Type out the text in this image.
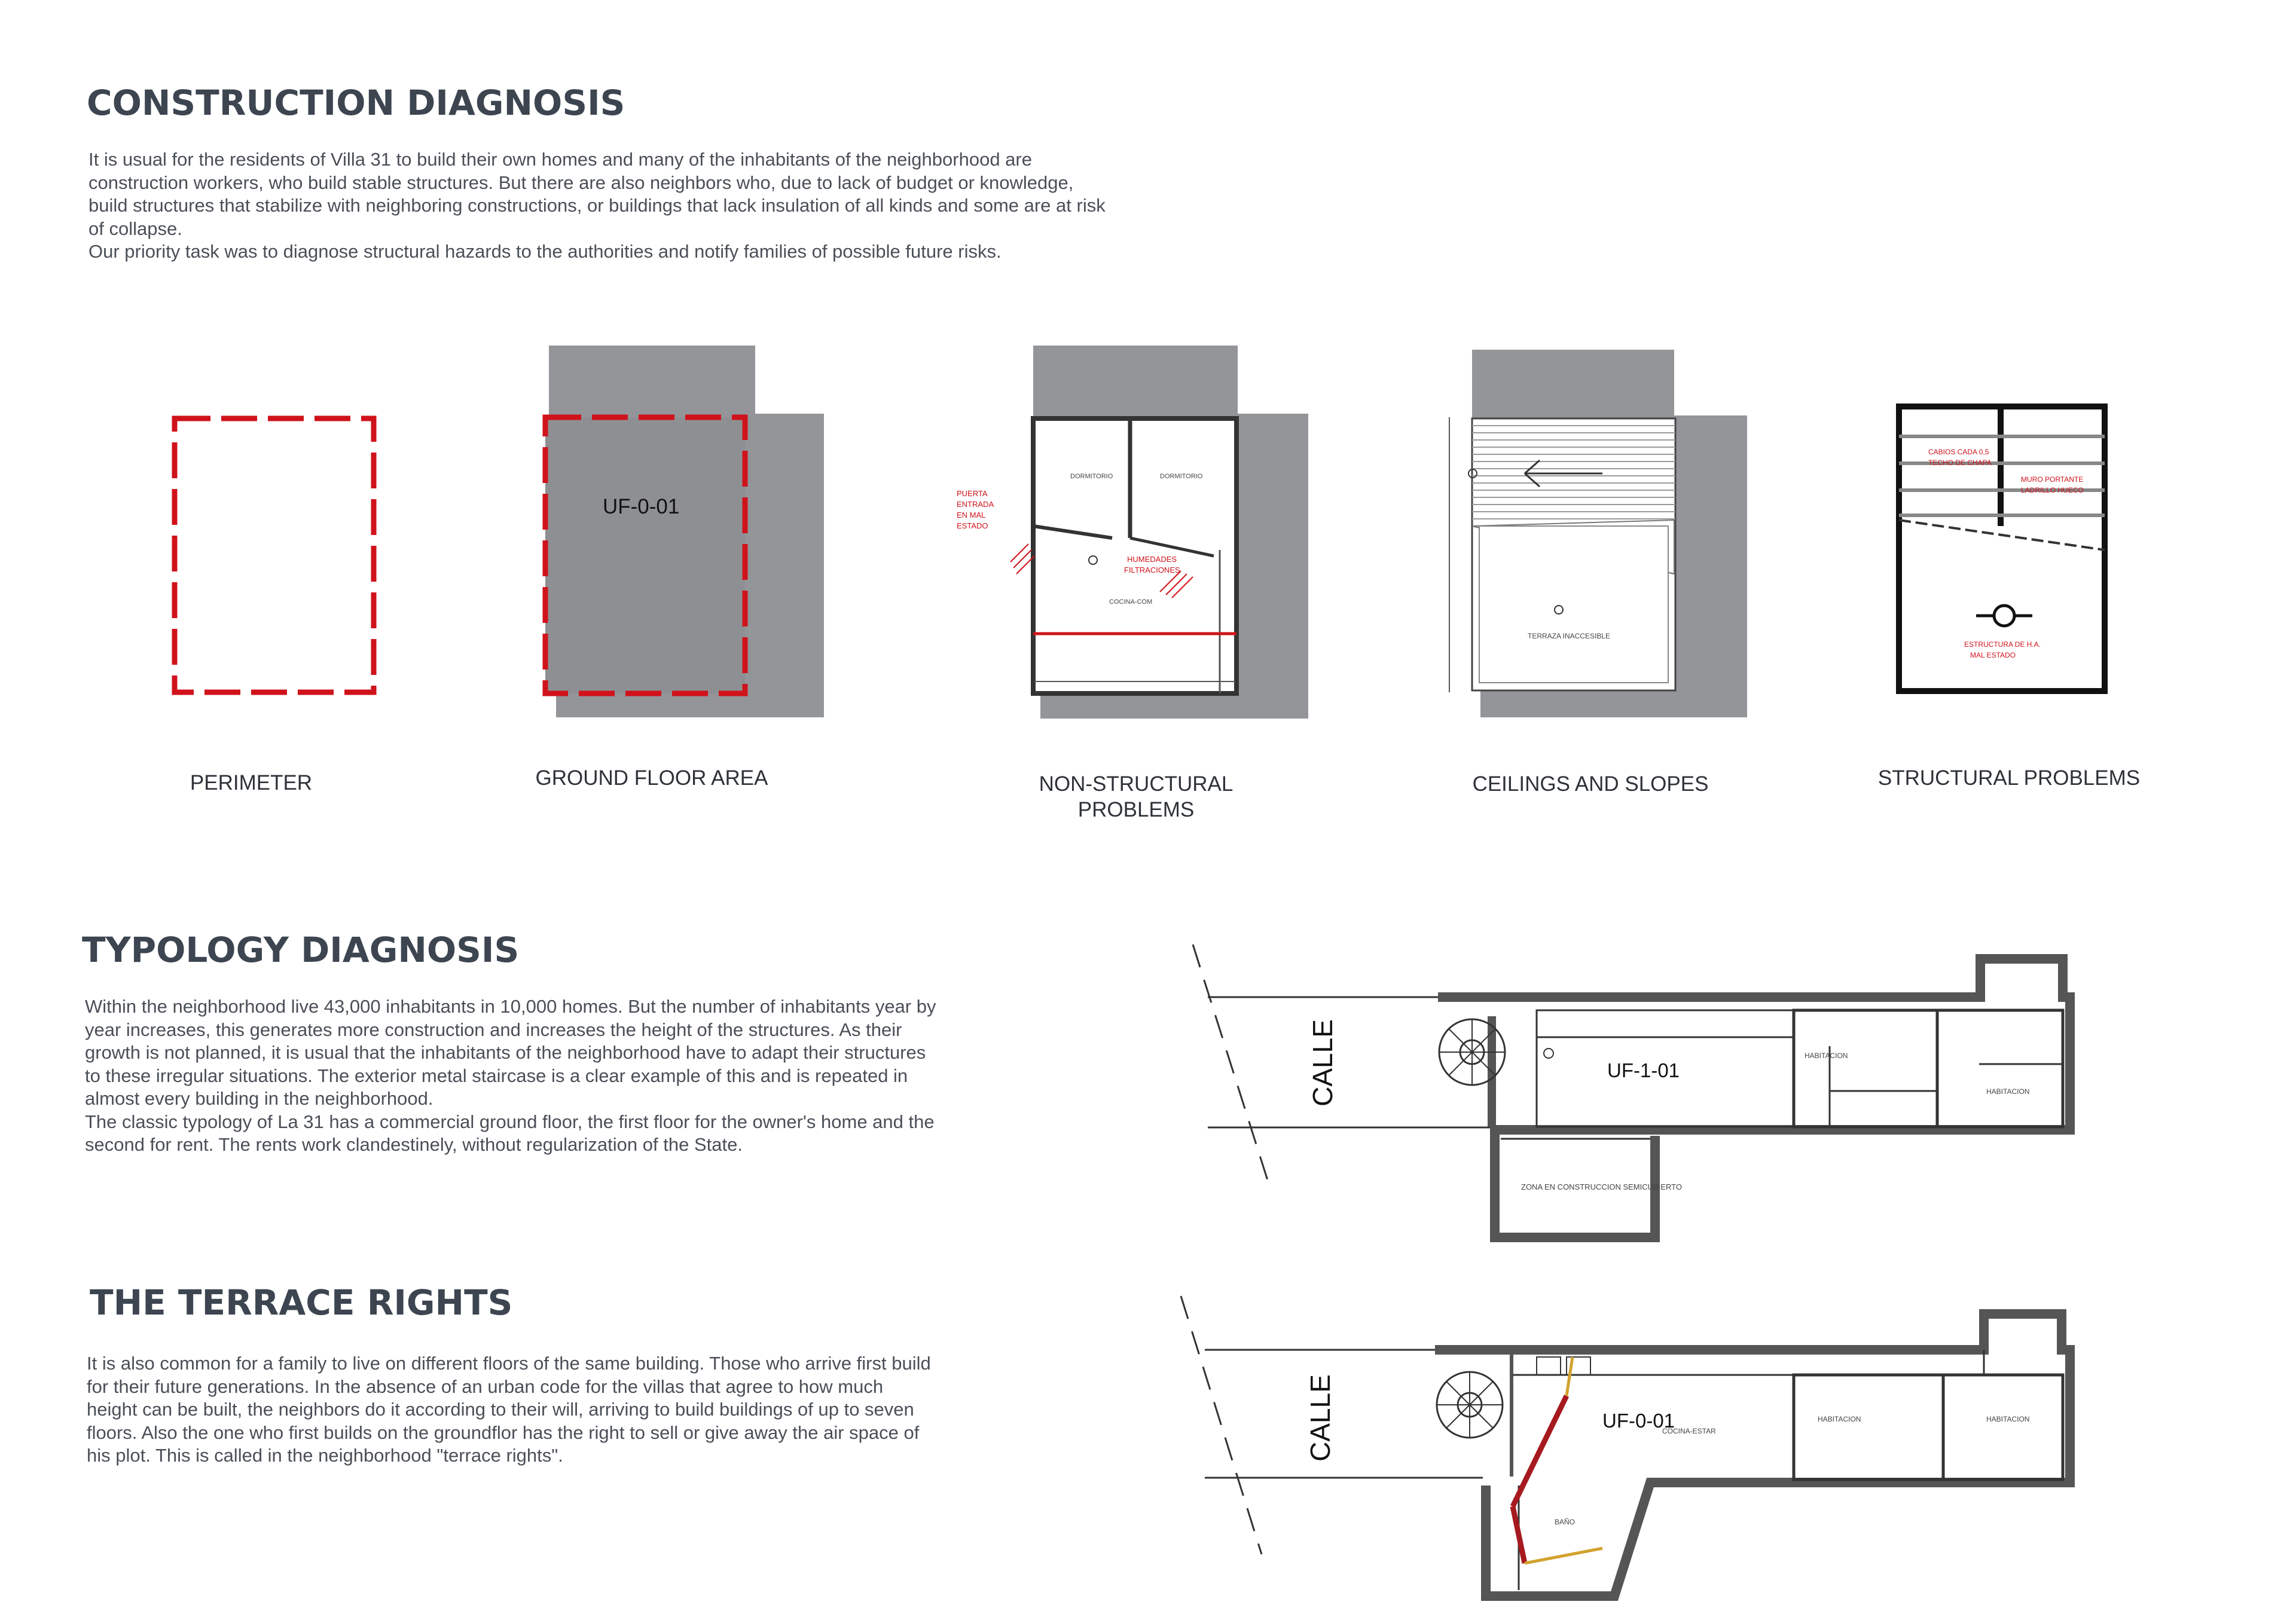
CONSTRUCTION DIAGNOSIS

It is usual for the residents of Villa 31 to build their own homes and many of the inhabitants of the neighborhood are construction workers, who build stable structures. But there are also neighbors who, due to lack of budget or knowledge, build structures that stabilize with neighboring constructions, or buildings that lack insulation of all kinds and some are at risk of collapse.

Our priority task was to diagnose structural hazards to the authorities and notify families of possible future risks.

PUERTA
ENTRADA
EN MAL
ESTADO
HUMEDADES
FILTRACIONES
DORMITORIO	DORMITORIO
COCINA-COM
TERRAZA INACCESIBLE
CABIOS CADA 0,5
TECHO DE CHAPA
MURO PORTANTE
LADRILLO HUECO
ESTRUCTURA DE H.A.
MAL ESTADO
PERIMETER	GROUND FLOOR AREA	NON-STRUCTURAL
PROBLEMS
CEILINGS AND SLOPES	STRUCTURAL PROBLEMS
UF-0-01
TYPOLOGY DIAGNOSIS

Within the neighborhood live 43,000 inhabitants in 10,000 homes. But the number of inhabitants year by year increases, this generates more construction and increases the height of the structures. As their growth is not planned, it is usual that the inhabitants of the neighborhood have to adapt their structures to these irregular situations. The exterior metal staircase is a clear example of this and is repeated in almost every building in the neighborhood.

The classic typology of La 31 has a commercial ground floor, the first floor for the owner's home and the second for rent. The rents work clandestinely, without regularization of the State.

ZONA EN CONSTRUCCION SEMICUBIERTO
HABITACION
HABITACION
CALLE	UF-1-01
THE TERRACE RIGHTS

It is also common for a family to live on different floors of the same building. Those who arrive first build for their future generations. In the absence of an urban code for the villas that agree to how much height can be built, the neighbors do it according to their will, arriving to build buildings of up to seven floors. Also the one who first builds on the groundflor has the right to sell or give away the air space of his plot. This is called in the neighborhood "terrace rights".

COCINA-ESTAR
HABITACION	HABITACION
BAÑO
CALLE	UF-0-01
